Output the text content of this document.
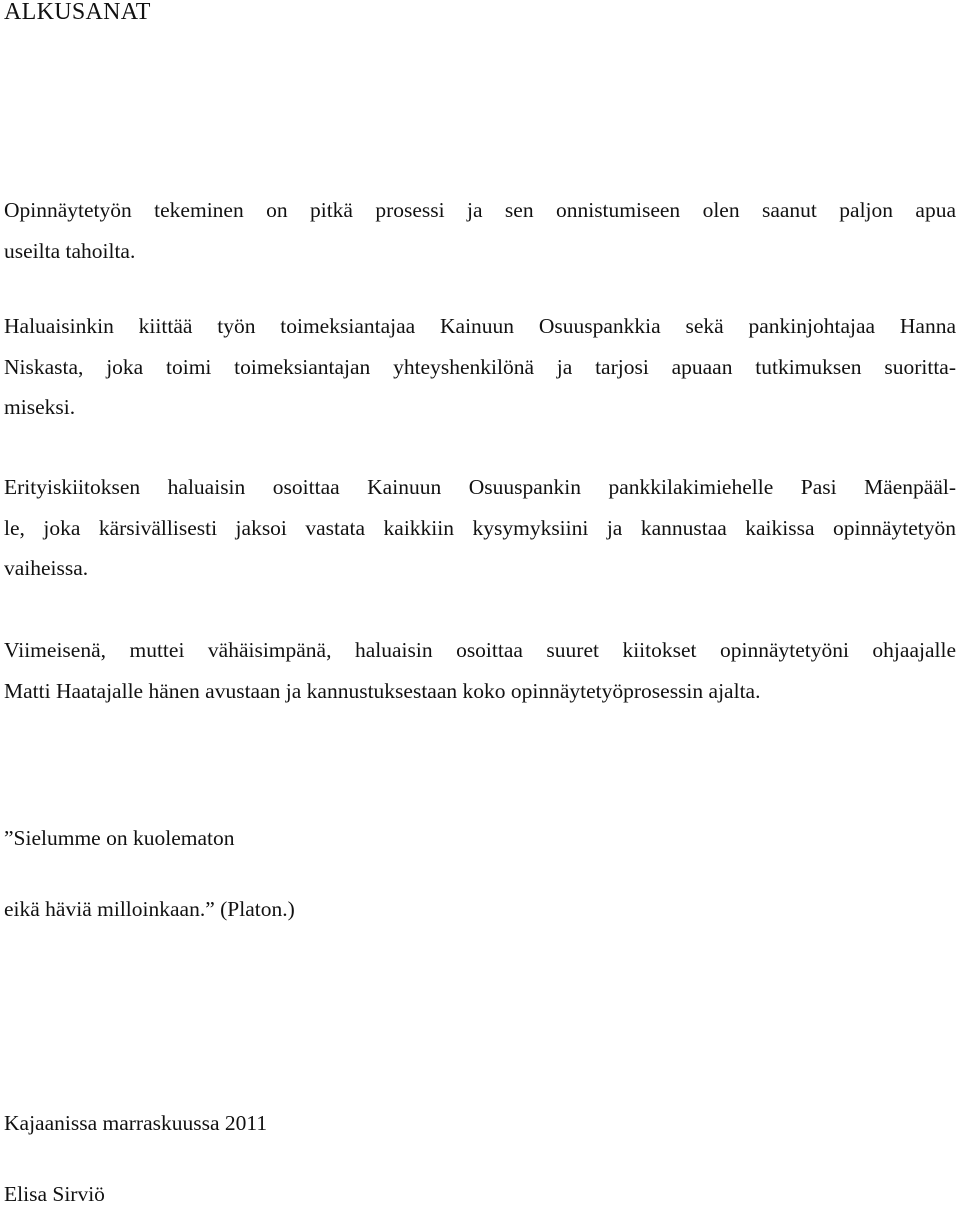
ALKUSANAT
Opinnäytetyön tekeminen on pitkä prosessi ja sen onnistumiseen olen saanut paljon apua
useilta tahoilta.
Haluaisinkin kiittää työn toimeksiantajaa Kainuun Osuuspankkia sekä pankinjohtajaa Hanna
Niskasta, joka toimi toimeksiantajan yhteyshenkilönä ja tarjosi apuaan tutkimuksen suoritta-
miseksi.
Erityiskiitoksen haluaisin osoittaa Kainuun Osuuspankin pankkilakimiehelle Pasi Mäenpääl-
le, joka kärsivällisesti jaksoi vastata kaikkiin kysymyksiini ja kannustaa kaikissa opinnäytetyön
vaiheissa.
Viimeisenä, muttei vähäisimpänä, haluaisin osoittaa suuret kiitokset opinnäytetyöni ohjaajalle
Matti Haatajalle hänen avustaan ja kannustuksestaan koko opinnäytetyöprosessin ajalta.
”Sielumme on kuolematon
eikä häviä milloinkaan.” (Platon.)
Kajaanissa marraskuussa 2011
Elisa Sirviö
